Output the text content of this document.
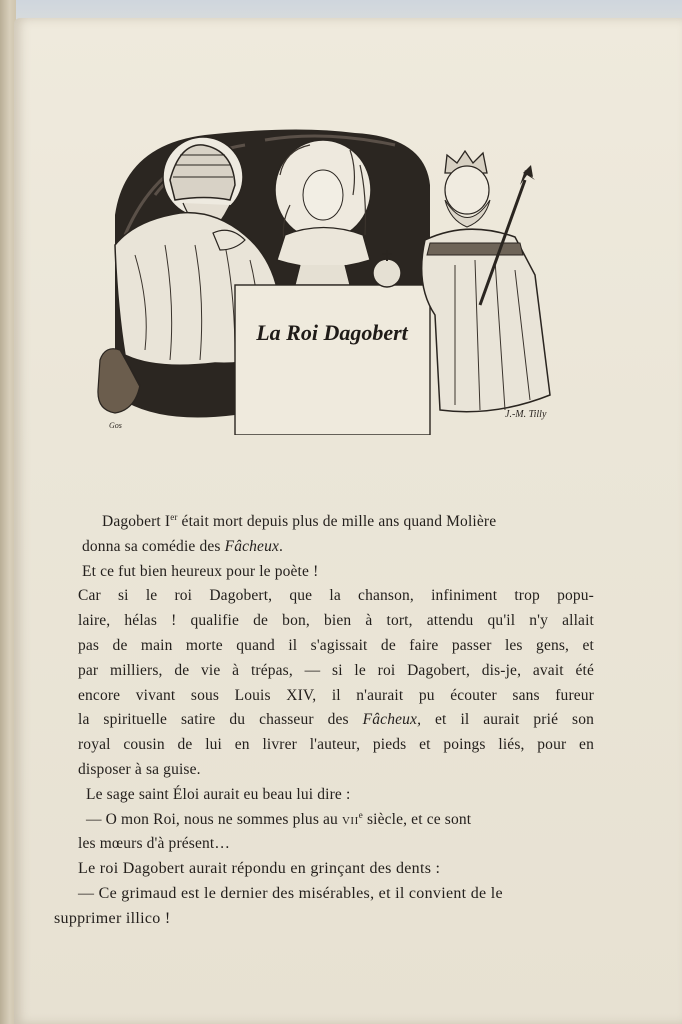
La Roi Dagobert
J.-M. Tilly
Gos
Dagobert Ier était mort depuis plus de mille ans quand Molière
donna sa comédie des Fâcheux.
Et ce fut bien heureux pour le poète !
Car si le roi Dagobert, que la chanson, infiniment trop popu-
laire, hélas ! qualifie de bon, bien à tort, attendu qu'il n'y allait
pas de main morte quand il s'agissait de faire passer les gens, et
par milliers, de vie à trépas, — si le roi Dagobert, dis-je, avait été
encore vivant sous Louis XIV, il n'aurait pu écouter sans fureur
la spirituelle satire du chasseur des Fâcheux, et il aurait prié son
royal cousin de lui en livrer l'auteur, pieds et poings liés, pour en
disposer à sa guise.
Le sage saint Éloi aurait eu beau lui dire :
— O mon Roi, nous ne sommes plus au VIIe siècle, et ce sont
les mœurs d'à présent…
Le roi Dagobert aurait répondu en grinçant des dents :
— Ce grimaud est le dernier des misérables, et il convient de le
supprimer illico !
